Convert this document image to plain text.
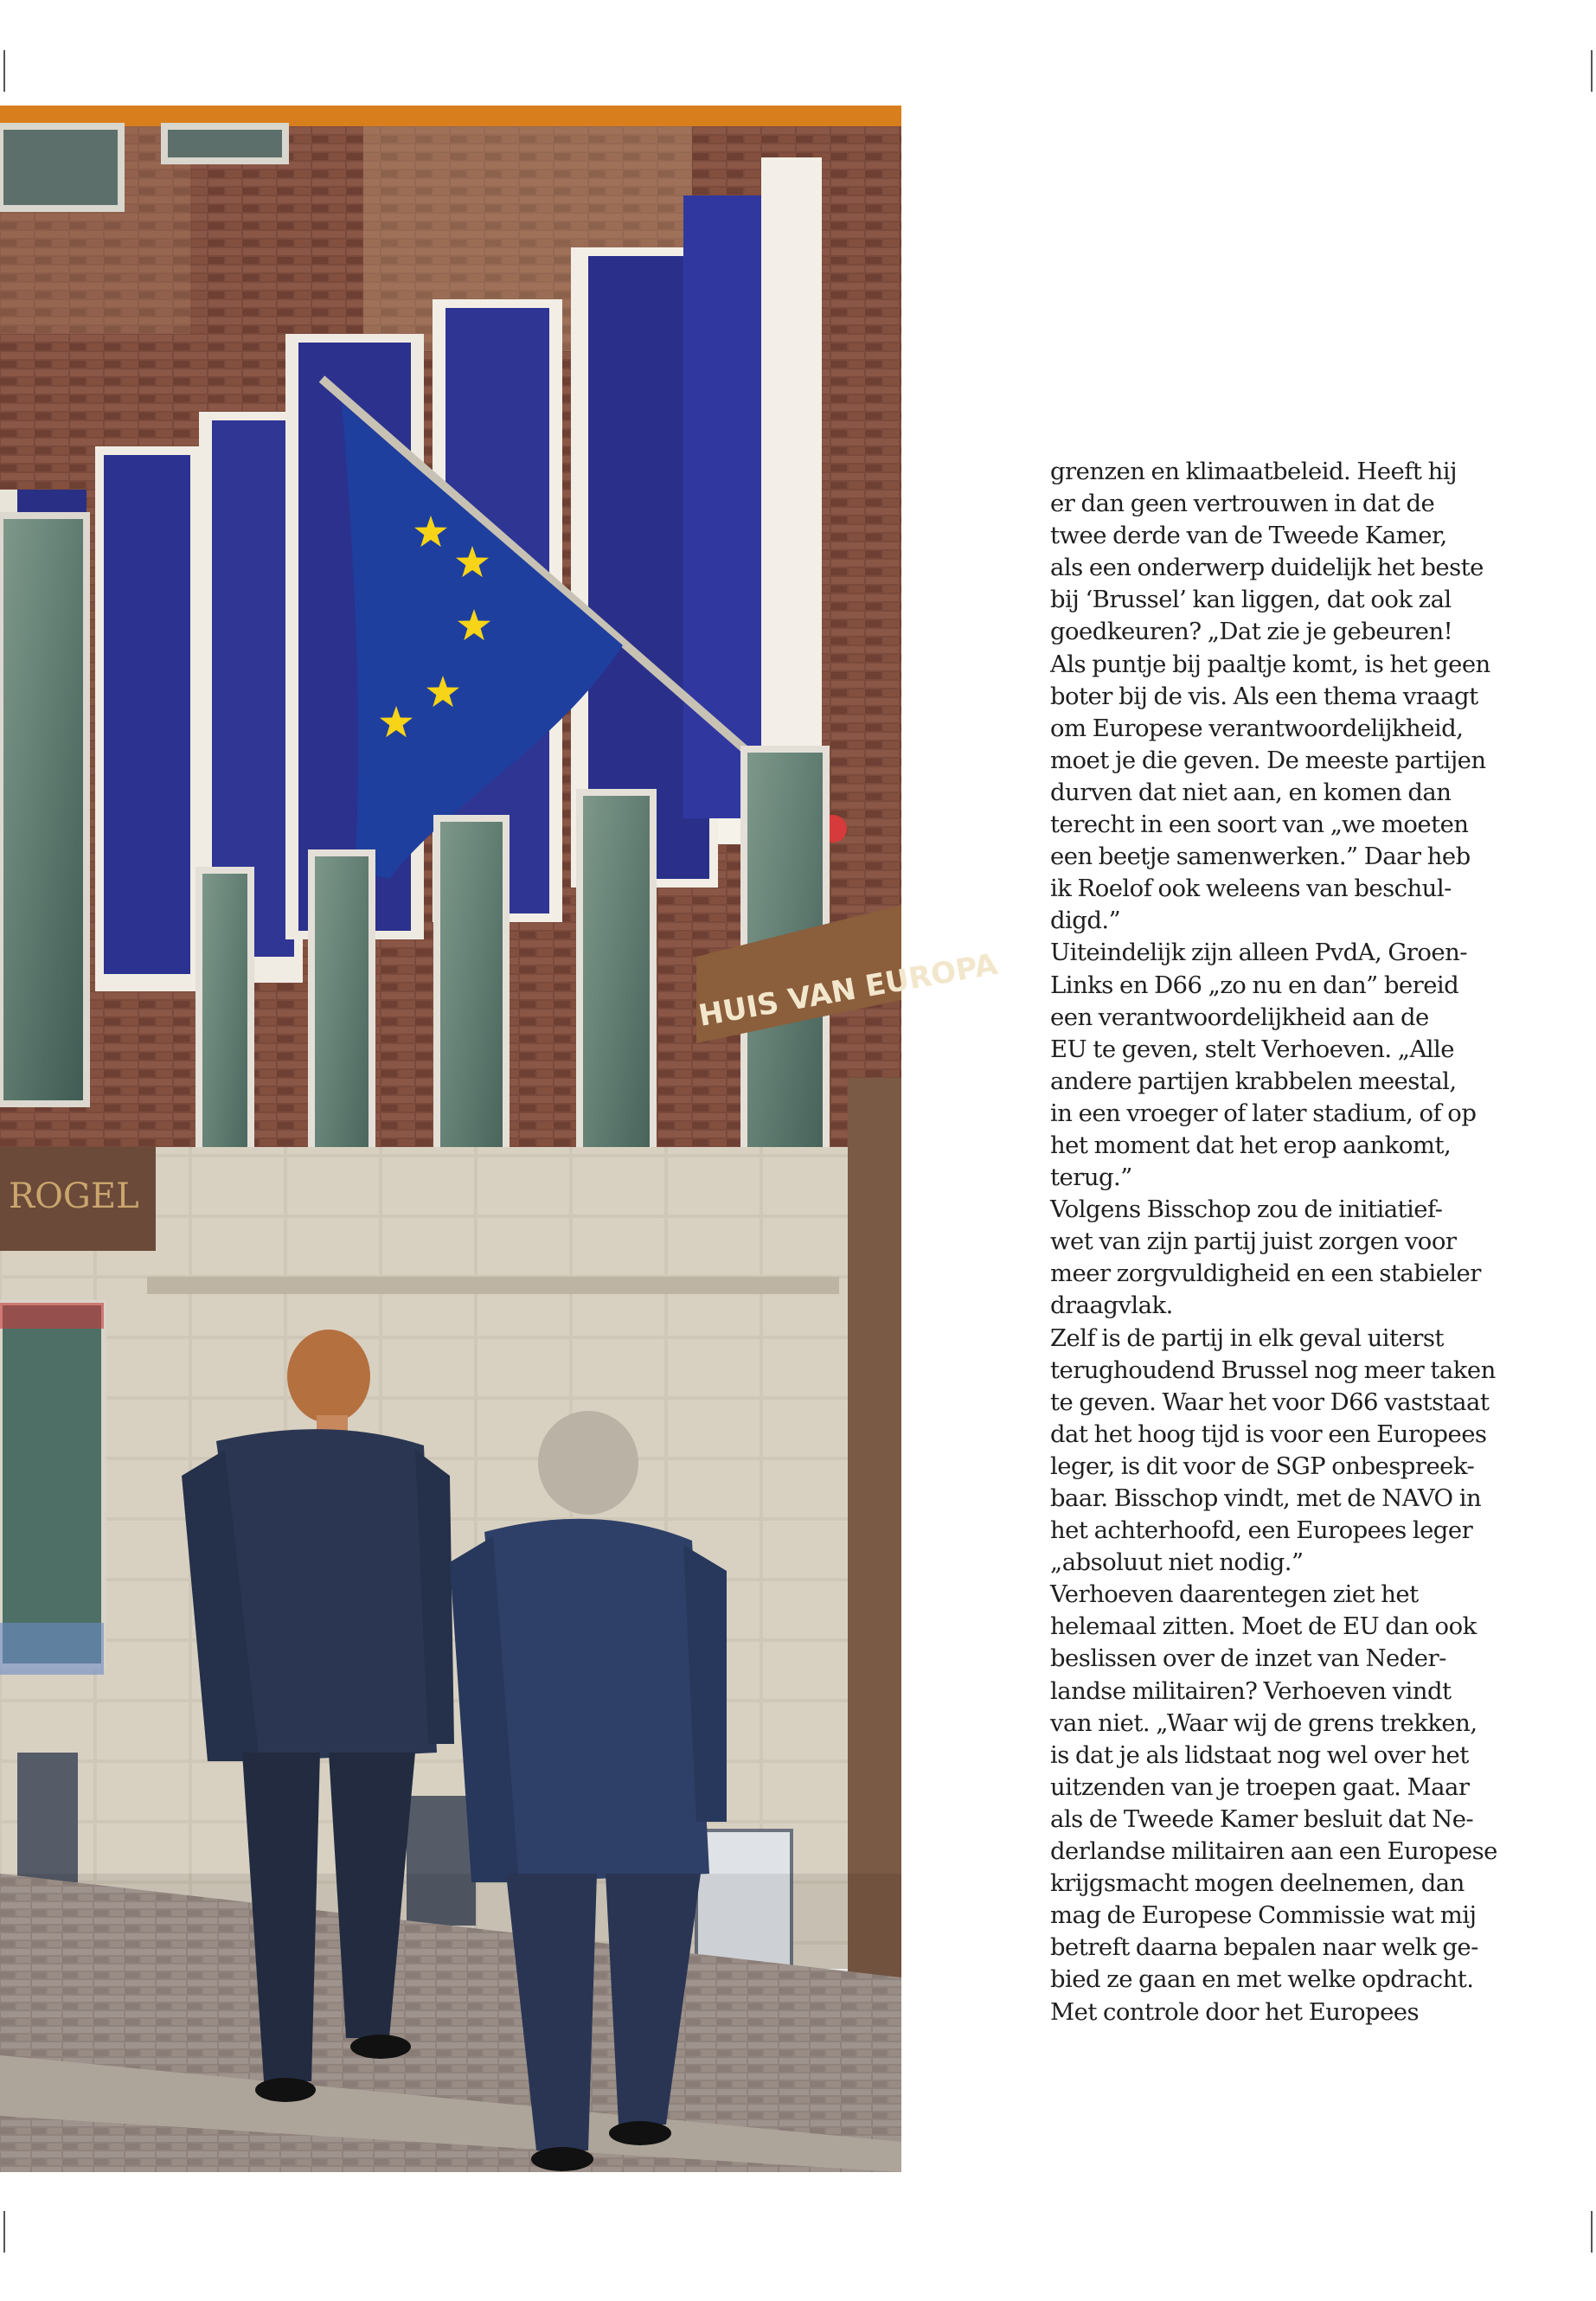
HUIS VAN EUROPA
ROGEL
grenzen en klimaatbeleid. Heeft hij
er dan geen vertrouwen in dat de
twee derde van de Tweede Kamer,
als een onderwerp duidelijk het beste
bij ‘Brussel’ kan liggen, dat ook zal
goedkeuren? „Dat zie je gebeuren!
Als puntje bij paaltje komt, is het geen
boter bij de vis. Als een thema vraagt
om Europese verantwoordelijkheid,
moet je die geven. De meeste partijen
durven dat niet aan, en komen dan
terecht in een soort van „we moeten
een beetje samenwerken.” Daar heb
ik Roelof ook weleens van beschul-
digd.”
Uiteindelijk zijn alleen PvdA, Groen-
Links en D66 „zo nu en dan” bereid
een verantwoordelijkheid aan de
EU te geven, stelt Verhoeven. „Alle
andere partijen krabbelen meestal,
in een vroeger of later stadium, of op
het moment dat het erop aankomt,
terug.”
Volgens Bisschop zou de initiatief-
wet van zijn partij juist zorgen voor
meer zorgvuldigheid en een stabieler
draagvlak.
Zelf is de partij in elk geval uiterst
terughoudend Brussel nog meer taken
te geven. Waar het voor D66 vaststaat
dat het hoog tijd is voor een Europees
leger, is dit voor de SGP onbespreek-
baar. Bisschop vindt, met de NAVO in
het achterhoofd, een Europees leger
„absoluut niet nodig.”
Verhoeven daarentegen ziet het
helemaal zitten. Moet de EU dan ook
beslissen over de inzet van Neder-
landse militairen? Verhoeven vindt
van niet. „Waar wij de grens trekken,
is dat je als lidstaat nog wel over het
uitzenden van je troepen gaat. Maar
als de Tweede Kamer besluit dat Ne-
derlandse militairen aan een Europese
krijgsmacht mogen deelnemen, dan
mag de Europese Commissie wat mij
betreft daarna bepalen naar welk ge-
bied ze gaan en met welke opdracht.
Met controle door het Europees
